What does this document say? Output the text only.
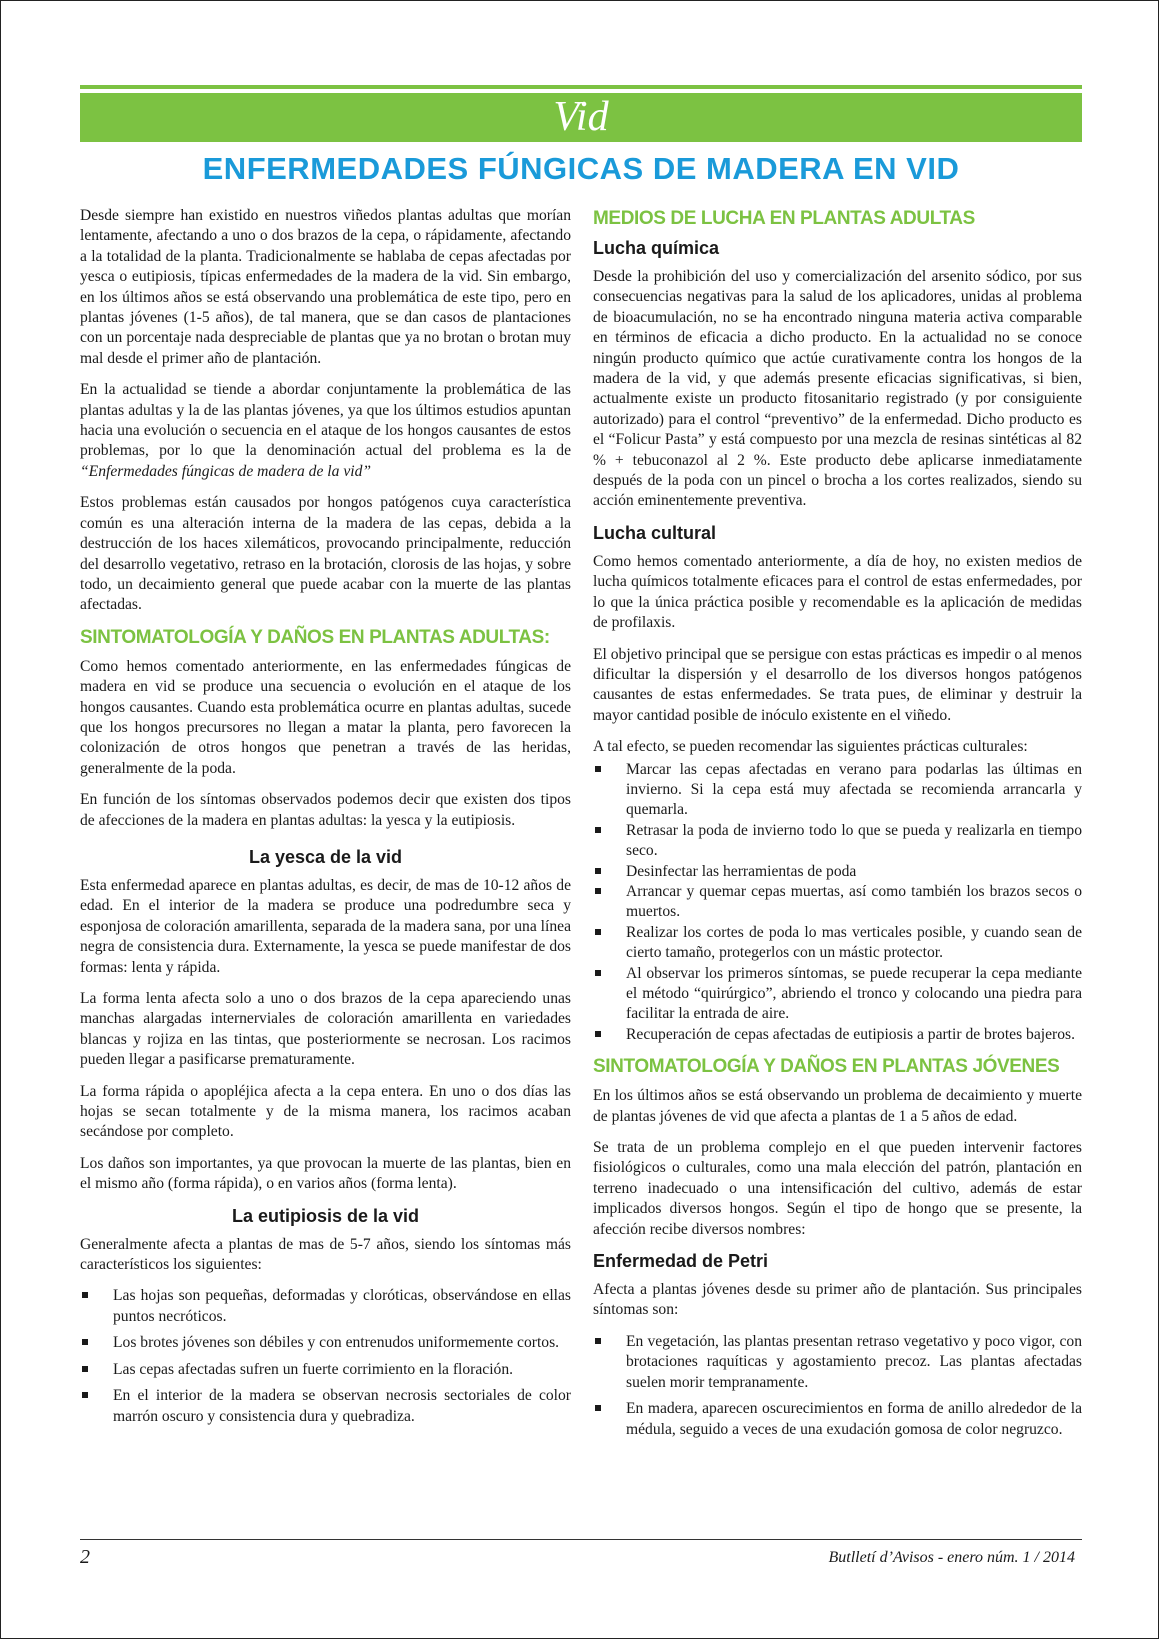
Vid
ENFERMEDADES FÚNGICAS DE MADERA EN VID

Desde siempre han existido en nuestros viñedos plantas adultas que morían lentamente, afectando a uno o dos brazos de la cepa, o rápidamente, afectando a la totalidad de la planta. Tradicionalmente se hablaba de cepas afectadas por yesca o eutipiosis, típicas enfermedades de la madera de la vid. Sin embargo, en los últimos años se está observando una problemática de este tipo, pero en plantas jóvenes (1-5 años), de tal manera, que se dan casos de plantaciones con un porcentaje nada despreciable de plantas que ya no brotan o brotan muy mal desde el primer año de plantación.

En la actualidad se tiende a abordar conjuntamente la problemática de las plantas adultas y la de las plantas jóvenes, ya que los últimos estudios apuntan hacia una evolución o secuencia en el ataque de los hongos causantes de estos problemas, por lo que la denominación actual del problema es la de “Enfermedades fúngicas de madera de la vid”

Estos problemas están causados por hongos patógenos cuya característica común es una alteración interna de la madera de las cepas, debida a la destrucción de los haces xilemáticos, provocando principalmente, reducción del desarrollo vegetativo, retraso en la brotación, clorosis de las hojas, y sobre todo, un decaimiento general que puede acabar con la muerte de las plantas afectadas.

SINTOMATOLOGÍA Y DAÑOS EN PLANTAS ADULTAS:

Como hemos comentado anteriormente, en las enfermedades fúngicas de madera en vid se produce una secuencia o evolución en el ataque de los hongos causantes. Cuando esta problemática ocurre en plantas adultas, sucede que los hongos precursores no llegan a matar la planta, pero favorecen la colonización de otros hongos que penetran a través de las heridas, generalmente de la poda.

En función de los síntomas observados podemos decir que existen dos tipos de afecciones de la madera en plantas adultas: la yesca y la eutipiosis.

La yesca de la vid

Esta enfermedad aparece en plantas adultas, es decir, de mas de 10-12 años de edad. En el interior de la madera se produce una podredumbre seca y esponjosa de coloración amarillenta, separada de la madera sana, por una línea negra de consistencia dura. Externamente, la yesca se puede manifestar de dos formas: lenta y rápida.

La forma lenta afecta solo a uno o dos brazos de la cepa apareciendo unas manchas alargadas internerviales de coloración amarillenta en variedades blancas y rojiza en las tintas, que posteriormente se necrosan. Los racimos pueden llegar a pasificarse prematuramente.

La forma rápida o apopléjica afecta a la cepa entera. En uno o dos días las hojas se secan totalmente y de la misma manera, los racimos acaban secándose por completo.

Los daños son importantes, ya que provocan la muerte de las plantas, bien en el mismo año (forma rápida), o en varios años (forma lenta).

La eutipiosis de la vid

Generalmente afecta a plantas de mas de 5-7 años, siendo los síntomas más característicos los siguientes:

Las hojas son pequeñas, deformadas y cloróticas, observándose en ellas puntos necróticos.
Los brotes jóvenes son débiles y con entrenudos uniformemente cortos.
Las cepas afectadas sufren un fuerte corrimiento en la floración.
En el interior de la madera se observan necrosis sectoriales de color marrón oscuro y consistencia dura y quebradiza.
MEDIOS DE LUCHA EN PLANTAS ADULTAS
Lucha química

Desde la prohibición del uso y comercialización del arsenito sódico, por sus consecuencias negativas para la salud de los aplicadores, unidas al problema de bioacumulación, no se ha encontrado ninguna materia activa comparable en términos de eficacia a dicho producto. En la actualidad no se conoce ningún producto químico que actúe curativamente contra los hongos de la madera de la vid, y que además presente eficacias significativas, si bien, actualmente existe un producto fitosanitario registrado (y por consiguiente autorizado) para el control “preventivo” de la enfermedad. Dicho producto es el “Folicur Pasta” y está compuesto por una mezcla de resinas sintéticas al 82 % + tebuconazol al 2 %. Este producto debe aplicarse inmediatamente después de la poda con un pincel o brocha a los cortes realizados, siendo su acción eminentemente preventiva.

Lucha cultural

Como hemos comentado anteriormente, a día de hoy, no existen medios de lucha químicos totalmente eficaces para el control de estas enfermedades, por lo que la única práctica posible y recomendable es la aplicación de medidas de profilaxis.

El objetivo principal que se persigue con estas prácticas es impedir o al menos dificultar la dispersión y el desarrollo de los diversos hongos patógenos causantes de estas enfermedades. Se trata pues, de eliminar y destruir la mayor cantidad posible de inóculo existente en el viñedo.

A tal efecto, se pueden recomendar las siguientes prácticas culturales:

Marcar las cepas afectadas en verano para podarlas las últimas en invierno. Si la cepa está muy afectada se recomienda arrancarla y quemarla.
Retrasar la poda de invierno todo lo que se pueda y realizarla en tiempo seco.
Desinfectar las herramientas de poda
Arrancar y quemar cepas muertas, así como también los brazos secos o muertos.
Realizar los cortes de poda lo mas verticales posible, y cuando sean de cierto tamaño, protegerlos con un mástic protector.
Al observar los primeros síntomas, se puede recuperar la cepa mediante el método “quirúrgico”, abriendo el tronco y colocando una piedra para facilitar la entrada de aire.
Recuperación de cepas afectadas de eutipiosis a partir de brotes bajeros.
SINTOMATOLOGÍA Y DAÑOS EN PLANTAS JÓVENES

En los últimos años se está observando un problema de decaimiento y muerte de plantas jóvenes de vid que afecta a plantas de 1 a 5 años de edad.

Se trata de un problema complejo en el que pueden intervenir factores fisiológicos o culturales, como una mala elección del patrón, plantación en terreno inadecuado o una intensificación del cultivo, además de estar implicados diversos hongos. Según el tipo de hongo que se presente, la afección recibe diversos nombres:

Enfermedad de Petri

Afecta a plantas jóvenes desde su primer año de plantación. Sus principales síntomas son:

En vegetación, las plantas presentan retraso vegetativo y poco vigor, con brotaciones raquíticas y agostamiento precoz. Las plantas afectadas suelen morir tempranamente.
En madera, aparecen oscurecimientos en forma de anillo alrededor de la médula, seguido a veces de una exudación gomosa de color negruzco.
2	Butlletí d’Avisos - enero núm. 1 / 2014
